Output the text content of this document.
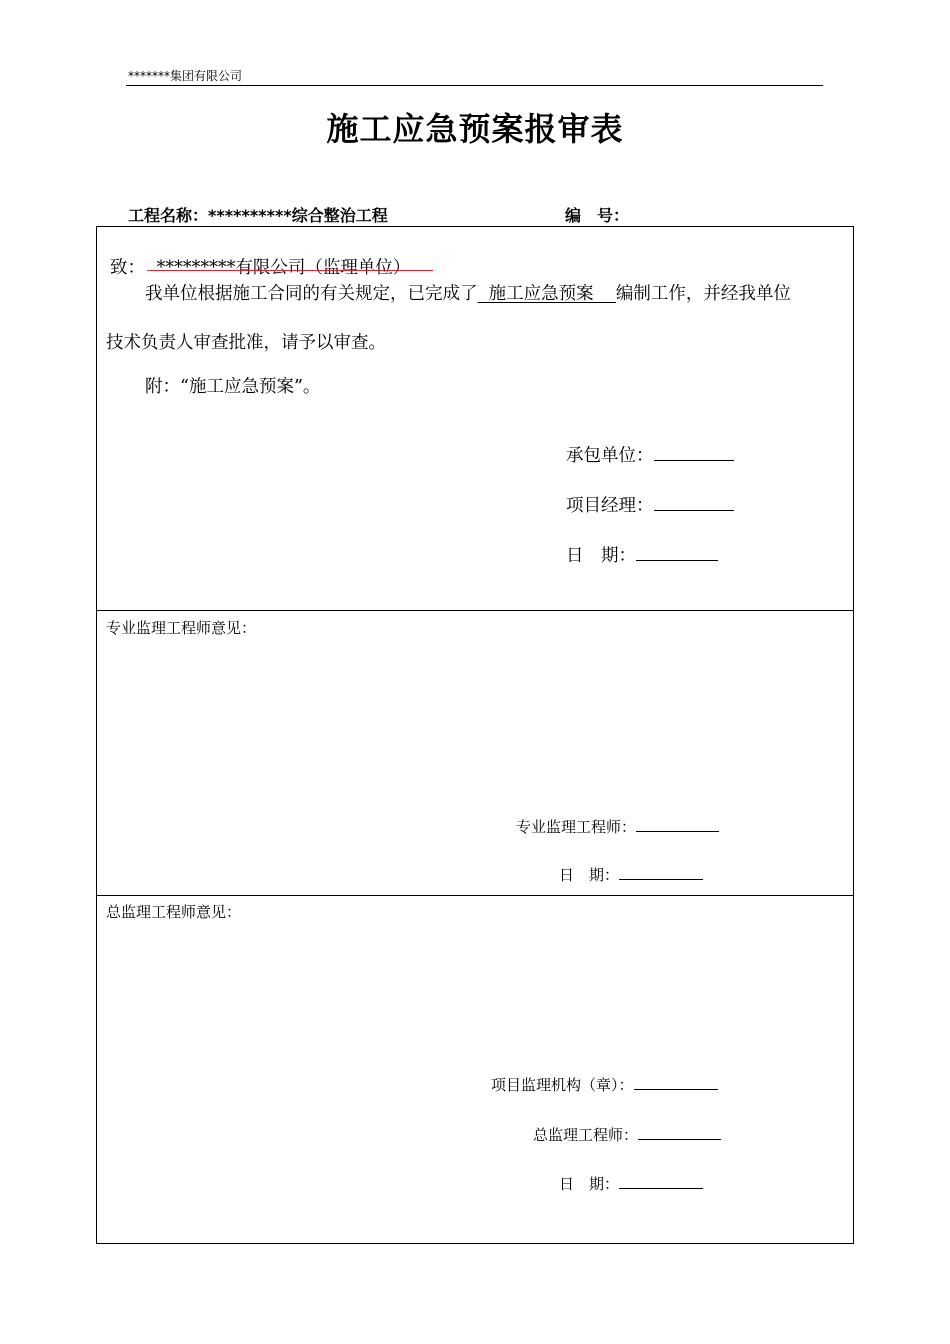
*******集团有限公司
施工应急预案报审表
工程名称：**********综合整治工程	编　号：
致： *********有限公司（监理单位）
我单位根据施工合同的有关规定，已完成了  施工应急预案    编制工作，并经我单位
技术负责人审查批准，请予以审查。
附：“施工应急预案”。
承包单位：
项目经理：
日　期：
专业监理工程师意见：
专业监理工程师：
日　期：
总监理工程师意见：
项目监理机构（章）：
总监理工程师：
日　期：
